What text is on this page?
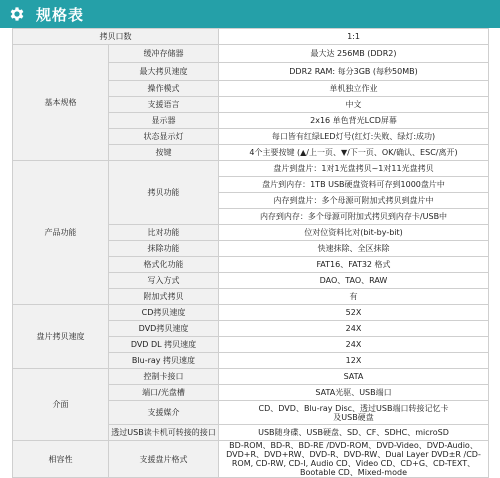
规格表
拷贝口数		1:1
基本规格	缓冲存储器	最大达 256MB (DDR2)
	最大拷贝速度	DDR2 RAM: 每分3GB (每秒50MB)
	操作模式	单机独立作业
	支援语言	中文
	显示器	2x16 单色背光LCD屏幕
	状态显示灯	每口皆有红绿LED灯号(红灯:失败、绿灯:成功)
	按键	4个主要按键 (▲/上一页、▼/下一页、OK/确认、ESC/离开)
产品功能	拷贝功能	盘片到盘片：1对1光盘拷贝~1对11光盘拷贝
		盘片到内存：1TB USB硬盘资料可存到1000盘片中
		内存到盘片：多个母源可附加式拷贝到盘片中
		内存到内存：多个母源可附加式拷贝到内存卡/USB中
	比对功能	位对位资料比对(bit-by-bit)
	抹除功能	快速抹除、全区抹除
	格式化功能	FAT16、FAT32 格式
	写入方式	DAO、TAO、RAW
	附加式拷贝	有
盘片拷贝速度	CD拷贝速度	52X
	DVD拷贝速度	24X
	DVD DL 拷贝速度	24X
	Blu-ray 拷贝速度	12X
介面	控制卡接口	SATA
	端口/光盘槽	SATA光驱、USB端口
	支援媒介	CD、DVD、Blu-ray Disc、透过USB端口转接记忆卡
及USB硬盘
	透过USB读卡机可转接的接口	USB随身碟、USB硬盘、SD、CF、SDHC、microSD
相容性	支援盘片格式	BD-ROM、BD-R、BD-RE /DVD-ROM、DVD-Video、DVD-Audio、DVD+R、DVD+RW、DVD-R、DVD-RW、Dual Layer DVD±R /CD-ROM, CD-RW, CD-I, Audio CD、Video CD、CD+G、CD-TEXT、Bootable CD、Mixed-mode
